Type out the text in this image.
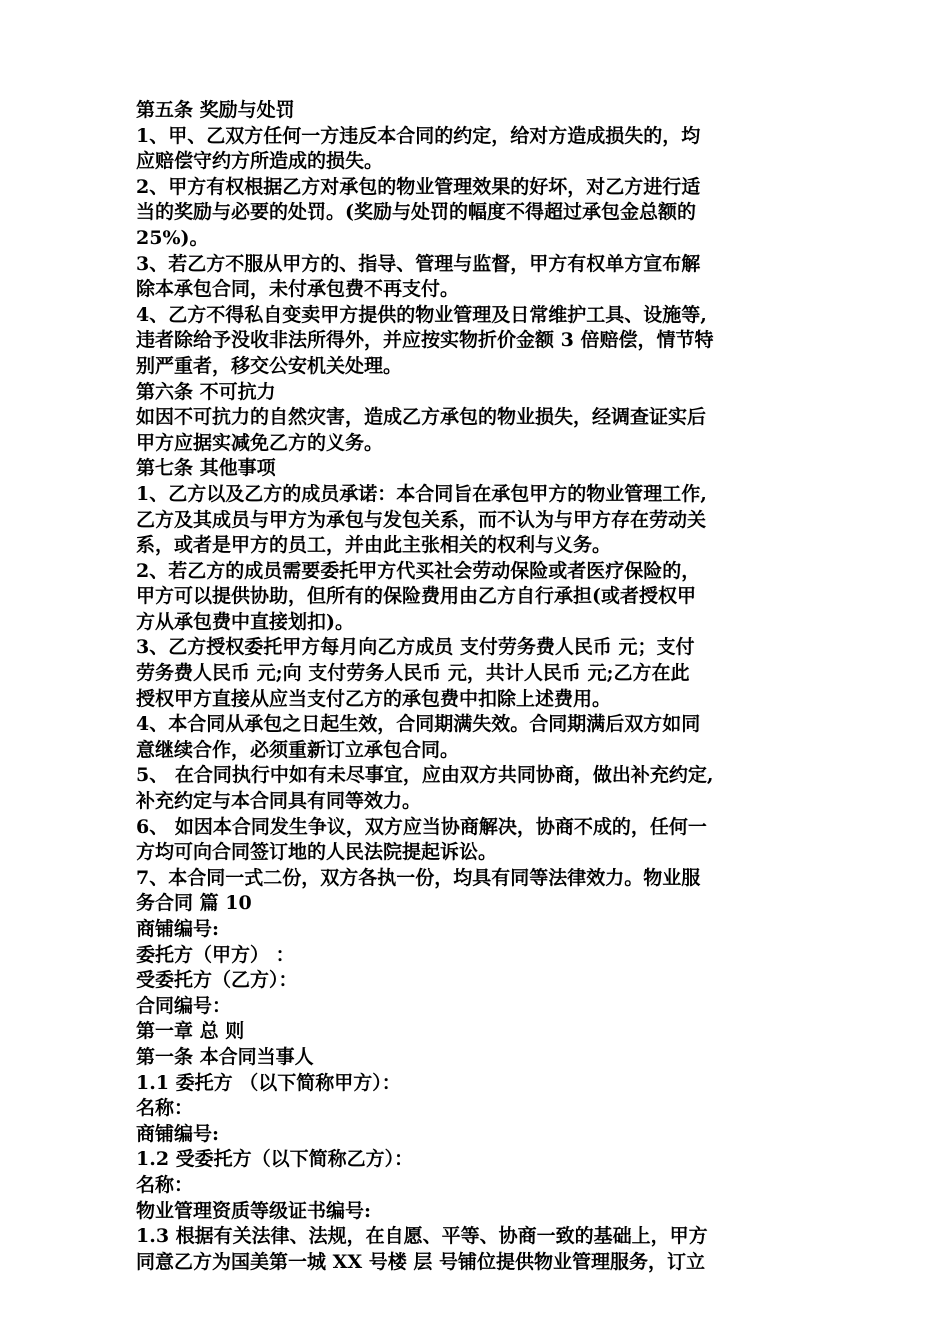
第五条 奖励与处罚
1、甲、乙双方任何一方违反本合同的约定，给对方造成损失的，均
应赔偿守约方所造成的损失。
2、甲方有权根据乙方对承包的物业管理效果的好坏，对乙方进行适
当的奖励与必要的处罚。(奖励与处罚的幅度不得超过承包金总额的
25%)。
3、若乙方不服从甲方的、指导、管理与监督，甲方有权单方宣布解
除本承包合同，未付承包费不再支付。
4、乙方不得私自变卖甲方提供的物业管理及日常维护工具、设施等,
违者除给予没收非法所得外，并应按实物折价金额 3 倍赔偿，情节特
别严重者，移交公安机关处理。
第六条 不可抗力
如因不可抗力的自然灾害，造成乙方承包的物业损失，经调查证实后
甲方应据实减免乙方的义务。
第七条 其他事项
1、乙方以及乙方的成员承诺：本合同旨在承包甲方的物业管理工作,
乙方及其成员与甲方为承包与发包关系，而不认为与甲方存在劳动关
系，或者是甲方的员工，并由此主张相关的权利与义务。
2、若乙方的成员需要委托甲方代买社会劳动保险或者医疗保险的，
甲方可以提供协助，但所有的保险费用由乙方自行承担(或者授权甲
方从承包费中直接划扣)。
3、乙方授权委托甲方每月向乙方成员 支付劳务费人民币 元；支付
劳务费人民币 元;向 支付劳务人民币 元，共计人民币 元;乙方在此
授权甲方直接从应当支付乙方的承包费中扣除上述费用。
4、本合同从承包之日起生效，合同期满失效。合同期满后双方如同
意继续合作，必须重新订立承包合同。
5、 在合同执行中如有未尽事宜，应由双方共同协商，做出补充约定,
补充约定与本合同具有同等效力。
6、 如因本合同发生争议，双方应当协商解决，协商不成的，任何一
方均可向合同签订地的人民法院提起诉讼。
7、本合同一式二份，双方各执一份，均具有同等法律效力。物业服
务合同 篇 10
商铺编号:
委托方（甲方） ：
受委托方（乙方）：
合同编号：
第一章 总 则
第一条 本合同当事人
1.1 委托方 （以下简称甲方）：
名称：
商铺编号:
1.2 受委托方（以下简称乙方）：
名称：
物业管理资质等级证书编号:
1.3 根据有关法律、法规，在自愿、平等、协商一致的基础上，甲方
同意乙方为国美第一城 XX 号楼 层 号铺位提供物业管理服务，订立
